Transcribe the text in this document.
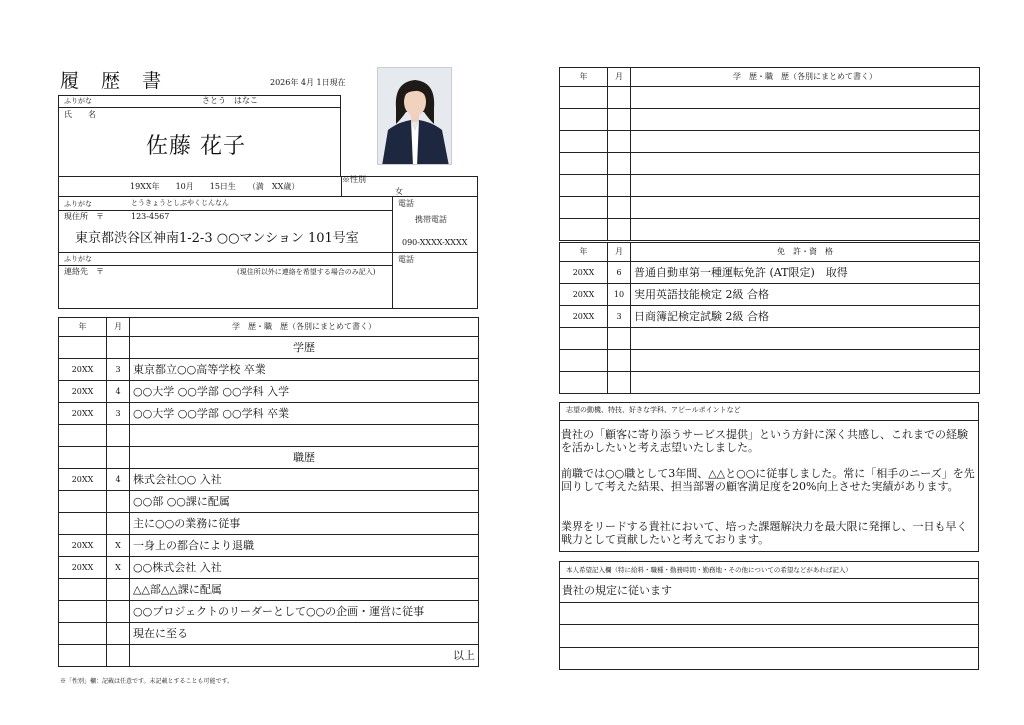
履 歴 書	2026年 4月 1日現在
ふりがな	さとう　はなこ
氏　　名
佐藤 花子
19XX年　　10月　　15日生　　（満　XX歳）
※性別
女
ふりがな	とうきょうとしぶやくじんなん
現住所　〒	123-4567
東京都渋谷区神南1-2-3 ○○マンション 101号室
電話
携帯電話
090-XXXX-XXXX
ふりがな
連絡先　〒	(現住所以外に連絡を希望する場合のみ記入)
電話
年	月	学　歴・職　歴（各別にまとめて書く）
		学歴
20XX	3	東京都立○○高等学校 卒業
20XX	4	○○大学 ○○学部 ○○学科 入学
20XX	3	○○大学 ○○学部 ○○学科 卒業

		職歴
20XX	4	株式会社○○ 入社
		○○部 ○○課に配属
		主に○○の業務に従事
20XX	X	一身上の都合により退職
20XX	X	○○株式会社 入社
		△△部△△課に配属
		○○プロジェクトのリーダーとして○○の企画・運営に従事
		現在に至る
		以上
年	月	学　歴・職　歴（各別にまとめて書く）

年	月	免　許・資　格
20XX	6	普通自動車第一種運転免許 (AT限定)　取得
20XX	10	実用英語技能検定 2級 合格
20XX	3	日商簿記検定試験 2級 合格

志望の動機、特技、好きな学科、アピールポイントなど
貴社の「顧客に寄り添うサービス提供」という方針に深く共感し、これまでの経験を活かしたいと考え志望いたしました。
前職では○○職として3年間、△△と○○に従事しました。常に「相手のニーズ」を先回りして考えた結果、担当部署の顧客満足度を20%向上させた実績があります。
業界をリードする貴社において、培った課題解決力を最大限に発揮し、一日も早く戦力として貢献したいと考えております。
本人希望記入欄（特に給料・職種・勤務時間・勤務地・その他についての希望などがあれば記入）
貴社の規定に従います
※「性別」欄：記載は任意です。未記載とすることも可能です。
